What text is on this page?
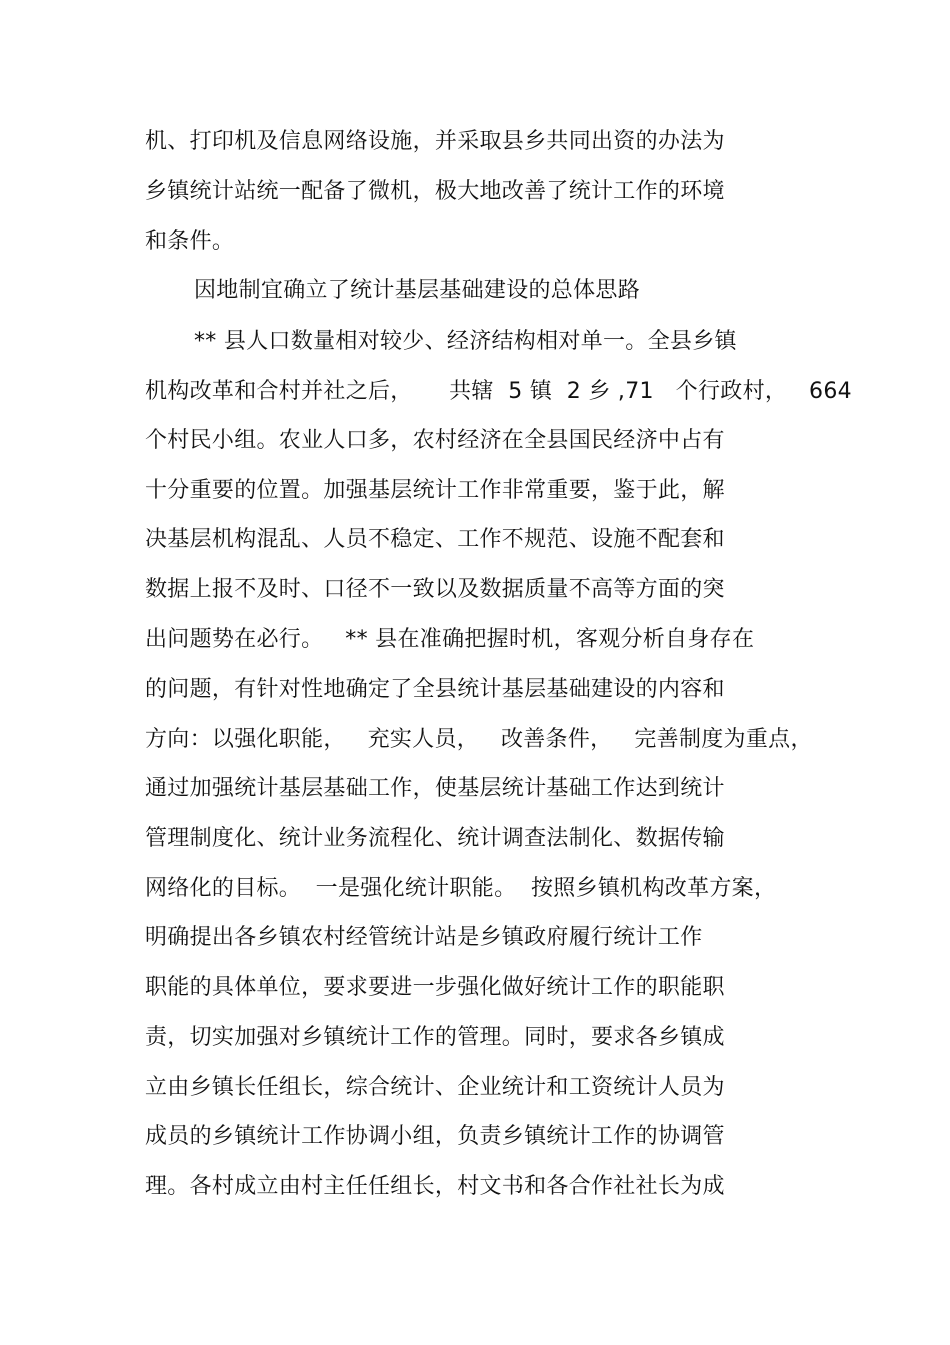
机、打印机及信息网络设施，并采取县乡共同出资的办法为
乡镇统计站统一配备了微机，极大地改善了统计工作的环境
和条件。
因地制宜确立了统计基层基础建设的总体思路
** 县人口数量相对较少、经济结构相对单一。全县乡镇
机构改革和合村并社之后，     共辖  5 镇  2 乡 ,71   个行政村，   664
个村民小组。农业人口多，农村经济在全县国民经济中占有
十分重要的位置。加强基层统计工作非常重要，鉴于此，解
决基层机构混乱、人员不稳定、工作不规范、设施不配套和
数据上报不及时、口径不一致以及数据质量不高等方面的突
出问题势在必行。   ** 县在准确把握时机，客观分析自身存在
的问题，有针对性地确定了全县统计基层基础建设的内容和
方向：以强化职能，   充实人员，   改善条件，   完善制度为重点，
通过加强统计基层基础工作，使基层统计基础工作达到统计
管理制度化、统计业务流程化、统计调查法制化、数据传输
网络化的目标。  一是强化统计职能。  按照乡镇机构改革方案，
明确提出各乡镇农村经管统计站是乡镇政府履行统计工作
职能的具体单位，要求要进一步强化做好统计工作的职能职
责，切实加强对乡镇统计工作的管理。同时，要求各乡镇成
立由乡镇长任组长，综合统计、企业统计和工资统计人员为
成员的乡镇统计工作协调小组，负责乡镇统计工作的协调管
理。各村成立由村主任任组长，村文书和各合作社社长为成
